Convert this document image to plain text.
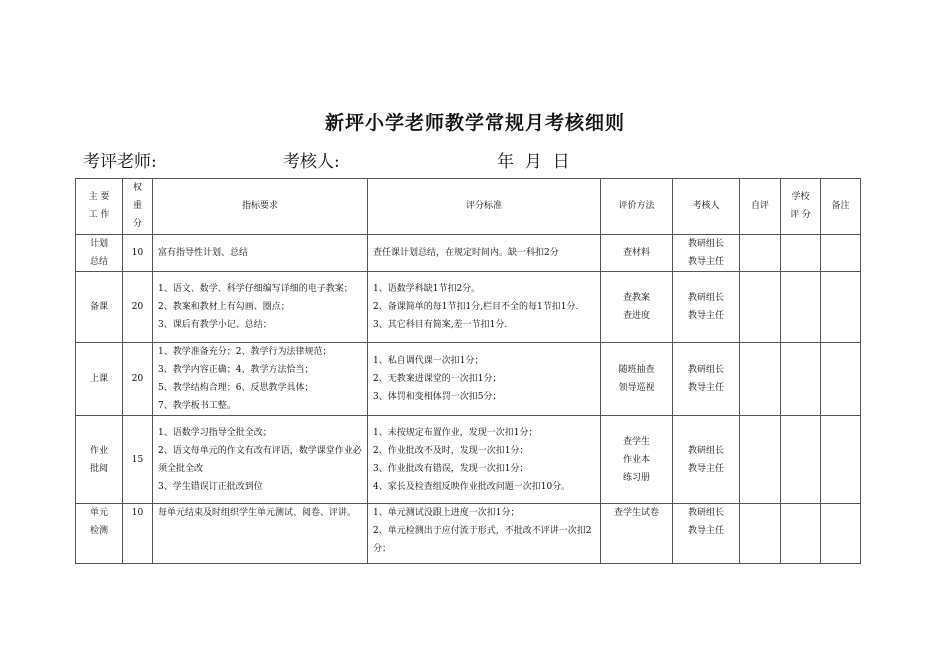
新坪小学老师教学常规月考核细则
考评老师:	考核人:	年  月  日
主 要
工 作	权
重
分	指标要求	评分标准	评价方法	考核人	自评	学校
评 分	备注

计划
总结	10	富有指导性计划、总结	查任课计划总结，在规定时间内。缺一科扣2分	查材料	教研组长
教导主任			

备课	20	1、语文、数学、科学仔细编写详细的电子教案；
2、教案和教材上有勾画、圈点；
3、课后有教学小记、总结；	1、语数学科缺1节扣2分。
2、备课简单的每1节扣1分,栏目不全的每1节扣1分.
3、其它科目有简案,差一节扣1分.	查教案
查进度	教研组长
教导主任			

上课	20	1、教学准备充分；2、教学行为法律规范；
3、教学内容正确；4、教学方法恰当；
5、教学结构合理；6、反思教学具体；
7、教学板书工整。	1、私自调代课一次扣1分；
2、无教案进课堂的一次扣1分；
3、体罚和变相体罚一次扣5分；	随班抽查
领导巡视	教研组长
教导主任			

作业
批阅	15	1、语数学习指导全批全改；
2、语文每单元的作文有改有评语，数学课堂作业必须全批全改
3、学生错误订正批改到位	1、未按规定布置作业，发现一次扣1分；
2、作业批改不及时，发现一次扣1分；
3、作业批改有错误，发现一次扣1分；
4、家长及检查组反映作业批改问题一次扣10分。	查学生
作业本
练习册	教研组长
教导主任			

单元
检测	10	每单元结束及时组织学生单元测试、阅卷、评讲。	1、单元测试没跟上进度一次扣1分；
2、单元检测出于应付流于形式，不批改不评讲一次扣2分；	查学生试卷	教研组长
教导主任			
